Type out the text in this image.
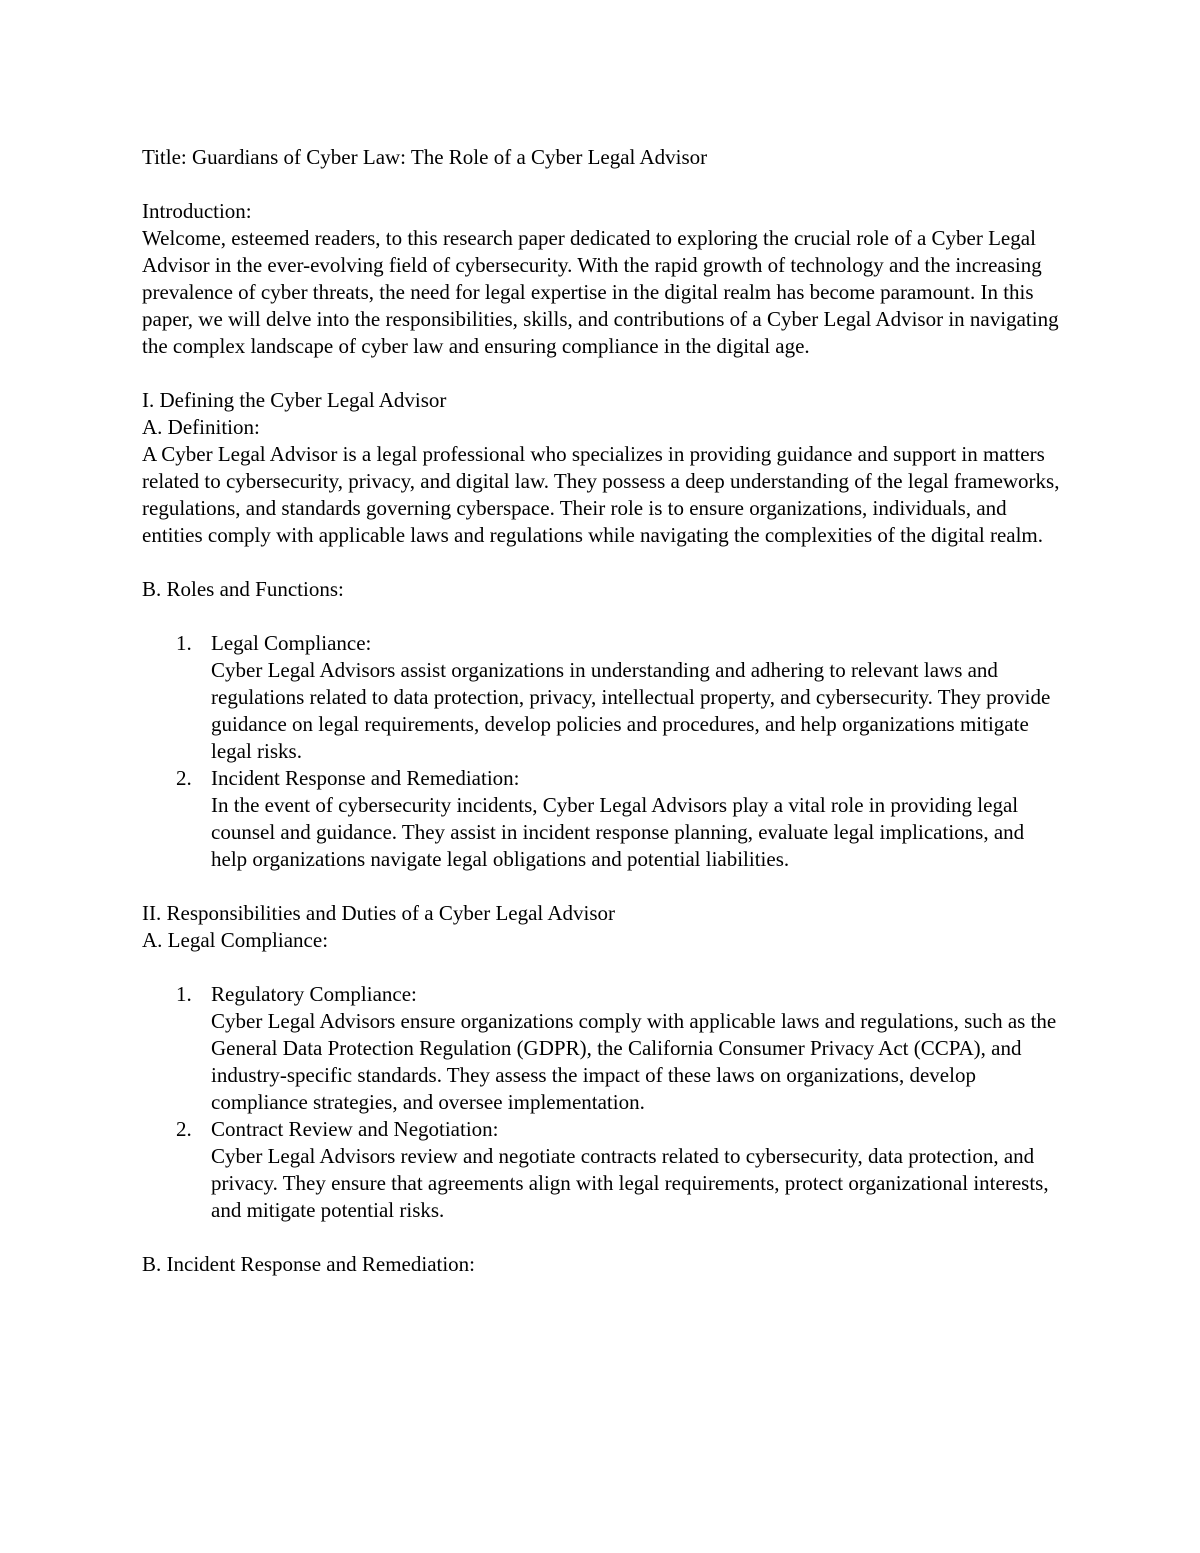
Title: Guardians of Cyber Law: The Role of a Cyber Legal Advisor

Introduction:

Welcome, esteemed readers, to this research paper dedicated to exploring the crucial role of a Cyber Legal Advisor in the ever-evolving field of cybersecurity. With the rapid growth of technology and the increasing prevalence of cyber threats, the need for legal expertise in the digital realm has become paramount. In this paper, we will delve into the responsibilities, skills, and contributions of a Cyber Legal Advisor in navigating the complex landscape of cyber law and ensuring compliance in the digital age.

I. Defining the Cyber Legal Advisor

A. Definition:

A Cyber Legal Advisor is a legal professional who specializes in providing guidance and support in matters related to cybersecurity, privacy, and digital law. They possess a deep understanding of the legal frameworks, regulations, and standards governing cyberspace. Their role is to ensure organizations, individuals, and entities comply with applicable laws and regulations while navigating the complexities of the digital realm.

B. Roles and Functions:

1. Legal Compliance:
Cyber Legal Advisors assist organizations in understanding and adhering to relevant laws and regulations related to data protection, privacy, intellectual property, and cybersecurity. They provide guidance on legal requirements, develop policies and procedures, and help organizations mitigate legal risks.
2. Incident Response and Remediation:
In the event of cybersecurity incidents, Cyber Legal Advisors play a vital role in providing legal counsel and guidance. They assist in incident response planning, evaluate legal implications, and help organizations navigate legal obligations and potential liabilities.

II. Responsibilities and Duties of a Cyber Legal Advisor

A. Legal Compliance:

1. Regulatory Compliance:
Cyber Legal Advisors ensure organizations comply with applicable laws and regulations, such as the General Data Protection Regulation (GDPR), the California Consumer Privacy Act (CCPA), and industry-specific standards. They assess the impact of these laws on organizations, develop compliance strategies, and oversee implementation.
2. Contract Review and Negotiation:
Cyber Legal Advisors review and negotiate contracts related to cybersecurity, data protection, and privacy. They ensure that agreements align with legal requirements, protect organizational interests, and mitigate potential risks.

B. Incident Response and Remediation:
